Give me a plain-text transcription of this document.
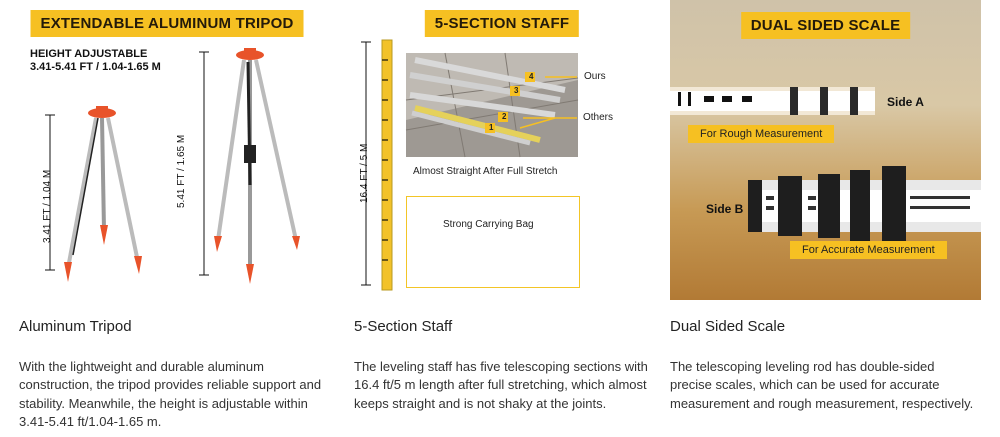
EXTENDABLE ALUMINUM TRIPOD
HEIGHT ADJUSTABLE
3.41-5.41 FT / 1.04-1.65 M
3.41 FT / 1.04 M	5.41 FT / 1.65 M
Aluminum Tripod
With the lightweight and durable aluminum construction, the tripod provides reliable support and stability. Meanwhile, the height is adjustable within 3.41-5.41 ft/1.04-1.65 m.
5-SECTION STAFF
16.4 FT / 5 M
4
3
2
1
Ours
Others
Almost Straight After Full Stretch
Strong Carrying Bag
5-Section Staff
The leveling staff has five telescoping sections with 16.4 ft/5 m length after full stretching, which almost keeps straight and is not shaky at the joints.
DUAL SIDED SCALE
Side A
For Rough Measurement
Side B
For Accurate Measurement
Dual Sided Scale
The telescoping leveling rod has double-sided precise scales, which can be used for accurate measurement and rough measurement, respectively.
